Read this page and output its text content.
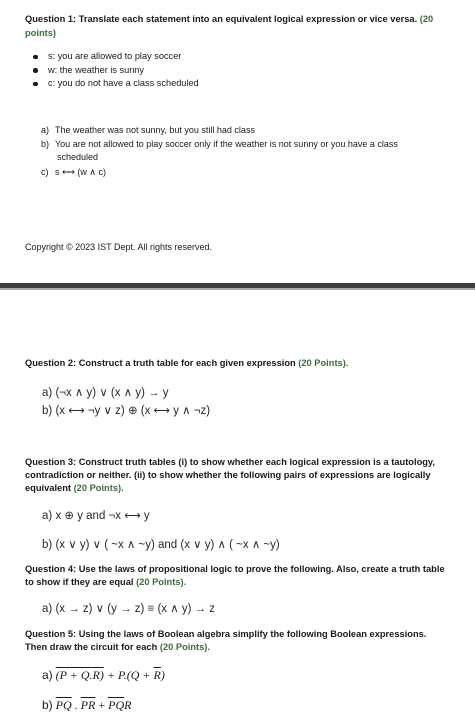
Question 1: Translate each statement into an equivalent logical expression or vice versa. (20 points)
s: you are allowed to play soccer
w: the weather is sunny
c: you do not have a class scheduled
a) The weather was not sunny, but you still had class
b) You are not allowed to play soccer only if the weather is not sunny or you have a class
scheduled
c) s ⟷ (w ∧ c)
Copyright © 2023 IST Dept. All rights reserved.
Question 2: Construct a truth table for each given expression (20 Points).
a) (¬x ∧ y) ∨ (x ∧ y) → y
b) (x ⟷ ¬y ∨ z) ⊕ (x ⟷ y ∧ ¬z)
Question 3: Construct truth tables (i) to show whether each logical expression is a tautology, contradiction or neither. (ii) to show whether the following pairs of expressions are logically equivalent (20 Points).
a) x ⊕ y and ¬x ⟷ y
b) (x ∨ y) ∨ ( ~x ∧ ~y) and (x ∨ y) ∧ ( ~x ∧ ~y)
Question 4: Use the laws of propositional logic to prove the following. Also, create a truth table to show if they are equal (20 Points).
a) (x → z) ∨ (y → z) ≡ (x ∧ y) → z
Question 5: Using the laws of Boolean algebra simplify the following Boolean expressions. Then draw the circuit for each (20 Points).
a) $(P + Q.R) + P.(Q + \overline{R})$
b) $\overline{PQ}$ . $\overline{PR} + \overline{P}\overline{Q}R$
